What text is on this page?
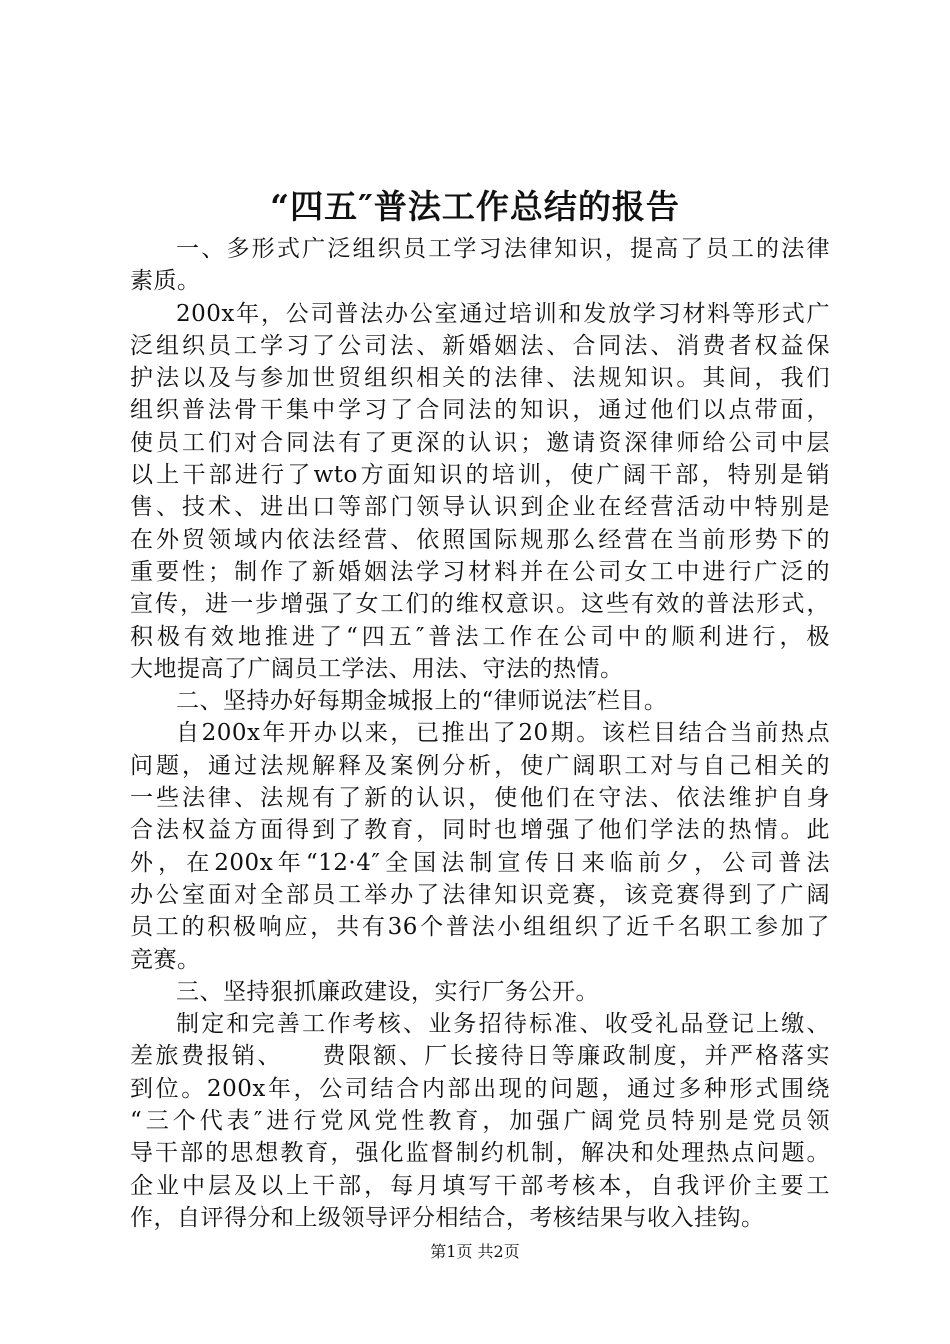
“四五″普法工作总结的报告
一、多形式广泛组织员工学习法律知识，提高了员工的法律
素质。
200x年，公司普法办公室通过培训和发放学习材料等形式广
泛组织员工学习了公司法、新婚姻法、合同法、消费者权益保
护法以及与参加世贸组织相关的法律、法规知识。其间，我们
组织普法骨干集中学习了合同法的知识，通过他们以点带面，
使员工们对合同法有了更深的认识；邀请资深律师给公司中层
以上干部进行了wto方面知识的培训，使广阔干部，特别是销
售、技术、进出口等部门领导认识到企业在经营活动中特别是
在外贸领域内依法经营、依照国际规那么经营在当前形势下的
重要性；制作了新婚姻法学习材料并在公司女工中进行广泛的
宣传，进一步增强了女工们的维权意识。这些有效的普法形式，
积极有效地推进了“四五″普法工作在公司中的顺利进行，极
大地提高了广阔员工学法、用法、守法的热情。
二、坚持办好每期金城报上的“律师说法″栏目。
自200x年开办以来，已推出了20期。该栏目结合当前热点
问题，通过法规解释及案例分析，使广阔职工对与自己相关的
一些法律、法规有了新的认识，使他们在守法、依法维护自身
合法权益方面得到了教育，同时也增强了他们学法的热情。此
外，在200x年“12·4″全国法制宣传日来临前夕，公司普法
办公室面对全部员工举办了法律知识竞赛，该竞赛得到了广阔
员工的积极响应，共有36个普法小组组织了近千名职工参加了
竞赛。
三、坚持狠抓廉政建设，实行厂务公开。
制定和完善工作考核、业务招待标准、收受礼品登记上缴、
差旅费报销、　　费限额、厂长接待日等廉政制度，并严格落实
到位。200x年，公司结合内部出现的问题，通过多种形式围绕
“三个代表″进行党风党性教育，加强广阔党员特别是党员领
导干部的思想教育，强化监督制约机制，解决和处理热点问题。
企业中层及以上干部，每月填写干部考核本，自我评价主要工
作，自评得分和上级领导评分相结合，考核结果与收入挂钩。
第1页 共2页
